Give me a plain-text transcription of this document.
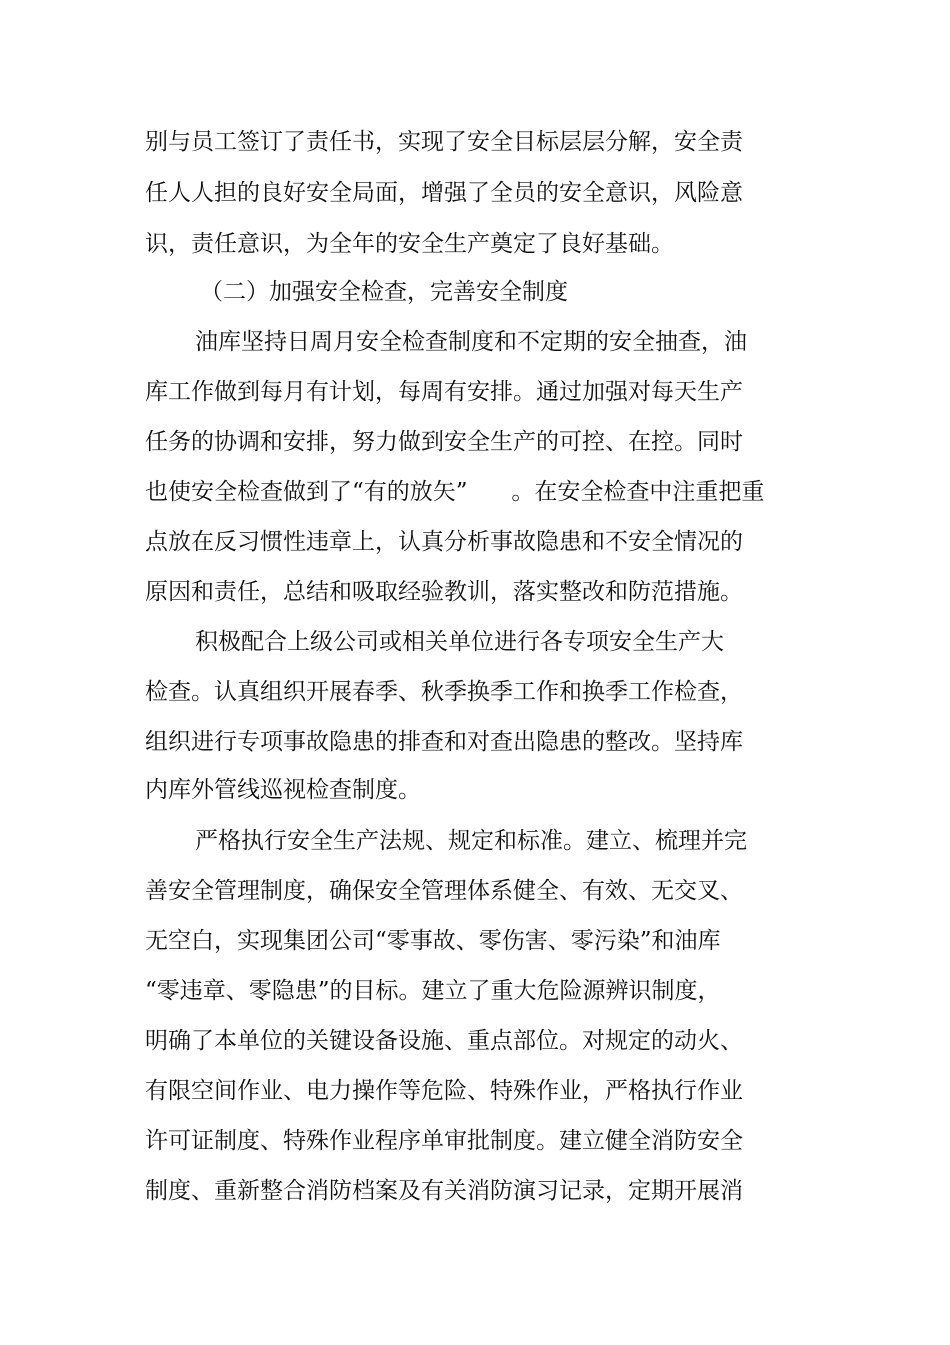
别与员工签订了责任书，实现了安全目标层层分解，安全责

任人人担的良好安全局面，增强了全员的安全意识，风险意

识，责任意识，为全年的安全生产奠定了良好基础。

（二）加强安全检查，完善安全制度

油库坚持日周月安全检查制度和不定期的安全抽查，油

库工作做到每月有计划，每周有安排。通过加强对每天生产

任务的协调和安排，努力做到安全生产的可控、在控。同时

也使安全检查做到了“有的放矢”      。在安全检查中注重把重

点放在反习惯性违章上，认真分析事故隐患和不安全情况的

原因和责任，总结和吸取经验教训，落实整改和防范措施。

积极配合上级公司或相关单位进行各专项安全生产大

检查。认真组织开展春季、秋季换季工作和换季工作检查，

组织进行专项事故隐患的排查和对查出隐患的整改。坚持库

内库外管线巡视检查制度。

严格执行安全生产法规、规定和标准。建立、梳理并完

善安全管理制度，确保安全管理体系健全、有效、无交叉、

无空白，实现集团公司“零事故、零伤害、零污染”和油库

“零违章、零隐患”的目标。建立了重大危险源辨识制度，

明确了本单位的关键设备设施、重点部位。对规定的动火、

有限空间作业、电力操作等危险、特殊作业，严格执行作业

许可证制度、特殊作业程序单审批制度。建立健全消防安全

制度、重新整合消防档案及有关消防演习记录，定期开展消
